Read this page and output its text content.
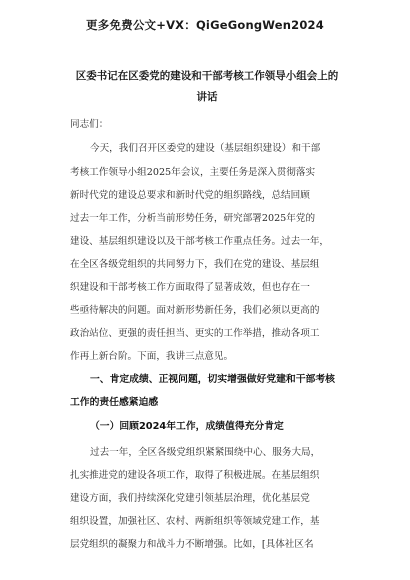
更多免费公文+VX：QiGeGongWen2024
区委书记在区委党的建设和干部考核工作领导小组会上的
讲话
同志们：
今天，我们召开区委党的建设（基层组织建设）和干部
考核工作领导小组2025年会议，主要任务是深入贯彻落实
新时代党的建设总要求和新时代党的组织路线，总结回顾
过去一年工作，分析当前形势任务，研究部署2025年党的
建设、基层组织建设以及干部考核工作重点任务。过去一年，
在全区各级党组织的共同努力下，我们在党的建设、基层组
织建设和干部考核工作方面取得了显著成效，但也存在一
些亟待解决的问题。面对新形势新任务，我们必须以更高的
政治站位、更强的责任担当、更实的工作举措，推动各项工
作再上新台阶。下面，我讲三点意见。
一、肯定成绩、正视问题，切实增强做好党建和干部考核
工作的责任感紧迫感
（一）回顾2024年工作，成绩值得充分肯定
过去一年，全区各级党组织紧紧围绕中心、服务大局，
扎实推进党的建设各项工作，取得了积极进展。在基层组织
建设方面，我们持续深化党建引领基层治理，优化基层党
组织设置，加强社区、农村、两新组织等领域党建工作，基
层党组织的凝聚力和战斗力不断增强。比如，[具体社区名
